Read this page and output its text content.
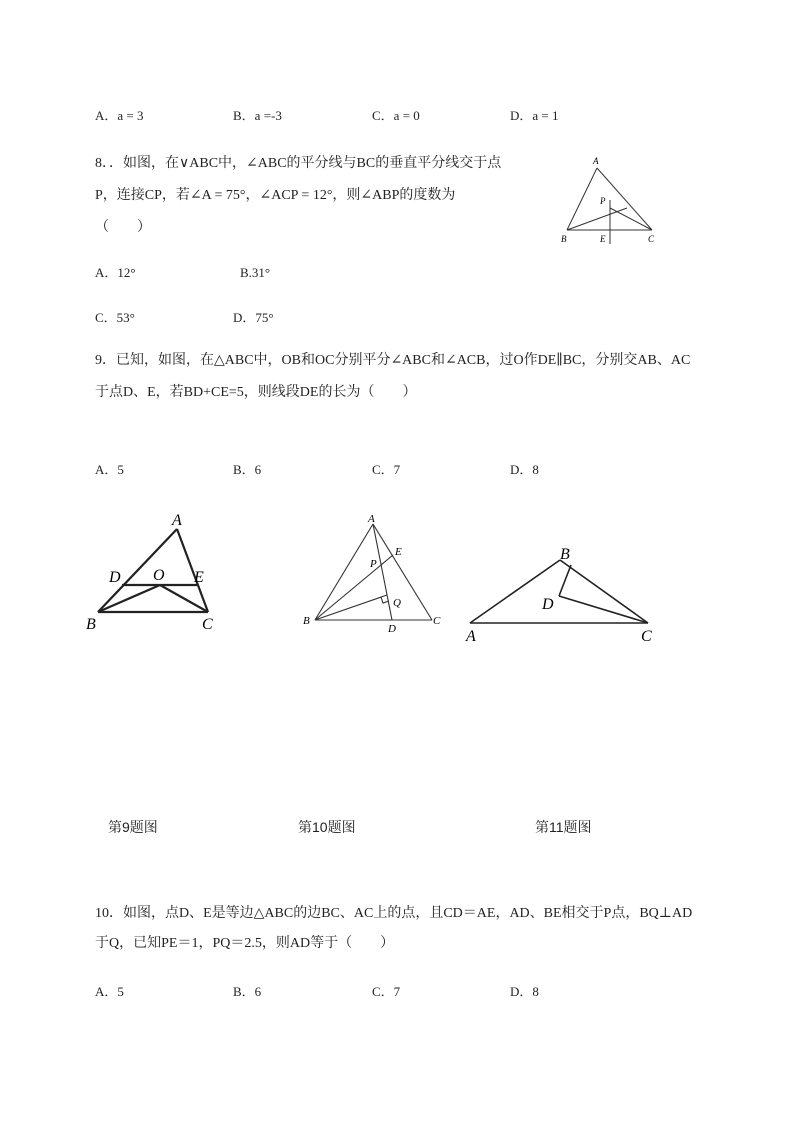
A．a = 3	B．a =-3	C．a = 0	D．a = 1
8．．如图，在∨ABC中，∠ABC的平分线与BC的垂直平分线交于点
P，连接CP，若∠A = 75°，∠ACP = 12°，则∠ABP的度数为
（　　）
A
P
B	E	C
A．12°	B.31°
C．53°	D．75°
9．已知，如图，在△ABC中，OB和OC分别平分∠ABC和∠ACB，过O作DE∥BC，分别交AB、AC
于点D、E，若BD+CE=5，则线段DE的长为（　　）
A．5	B．6	C．7	D．8
A
D O E
B	C
A
E
P
Q
B
D
C
B
D
A	C
第9题图	第10题图	第11题图
10．如图，点D、E是等边△ABC的边BC、AC上的点，且CD＝AE，AD、BE相交于P点，BQ⊥AD
于Q，已知PE＝1，PQ＝2.5，则AD等于（　　）
A．5	B．6	C．7	D．8
